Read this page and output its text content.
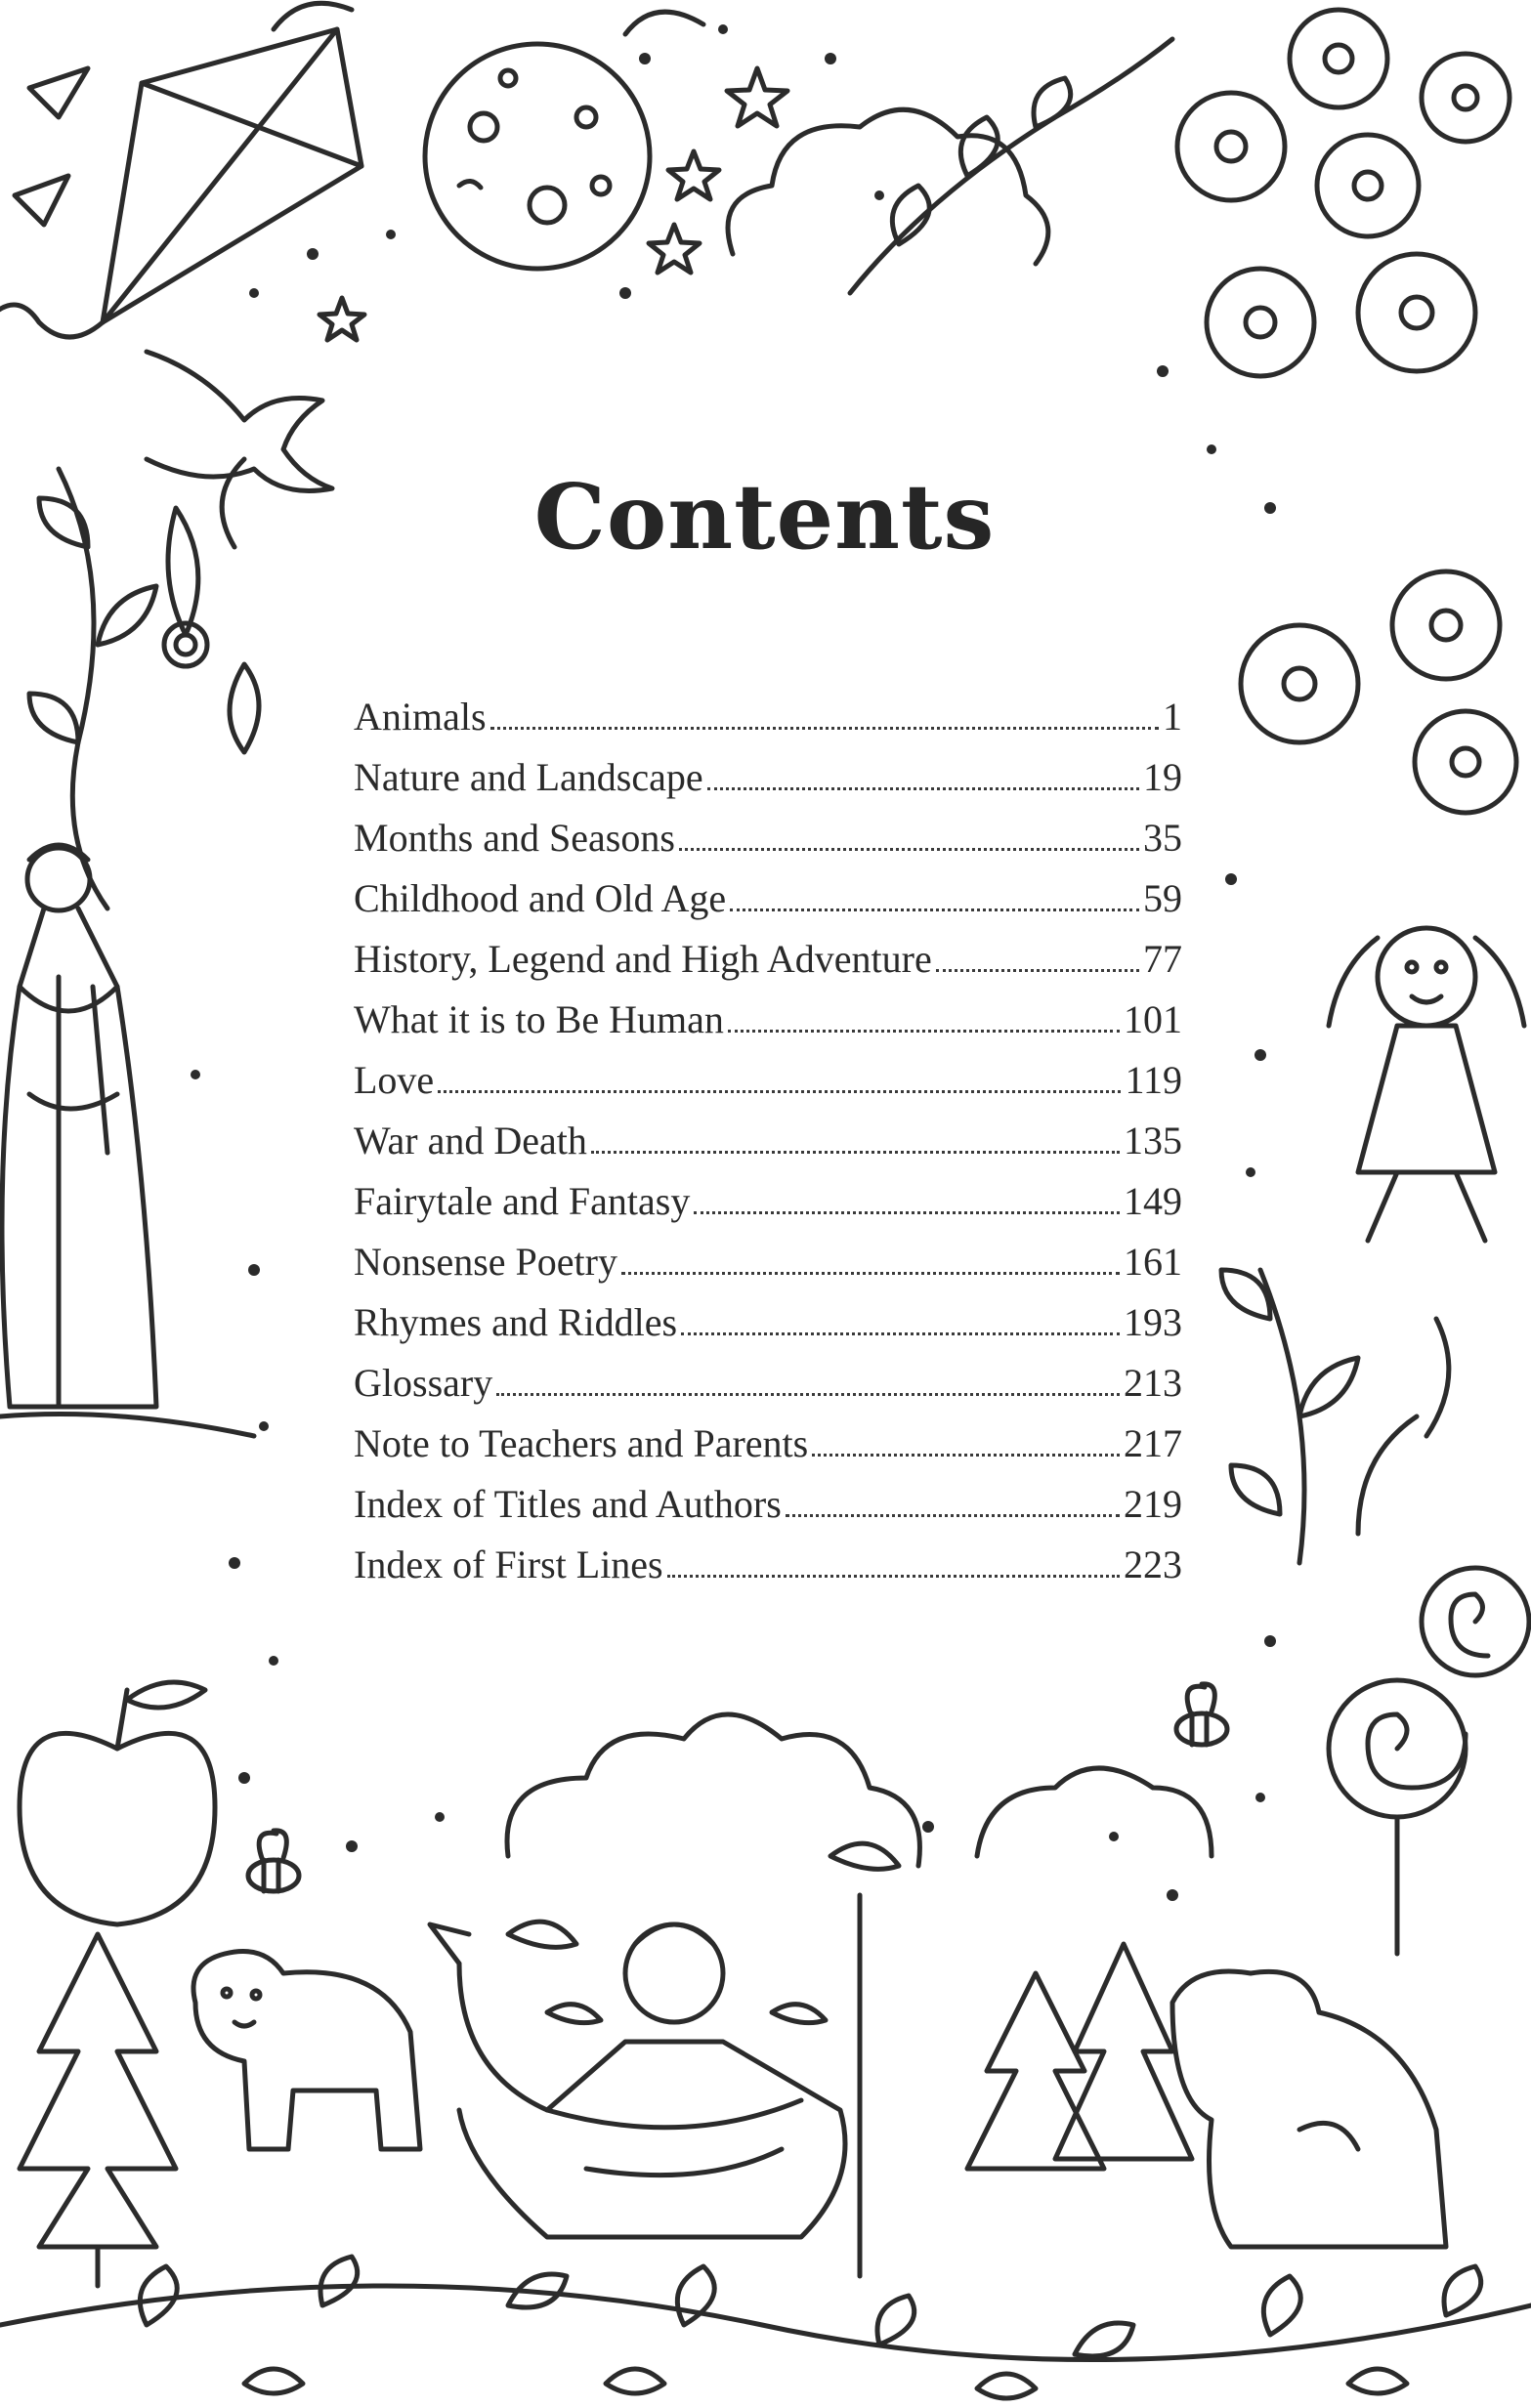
Contents
Animals	1
Nature and Landscape	19
Months and Seasons	35
Childhood and Old Age	59
History, Legend and High Adventure	77
What it is to Be Human	101
Love	119
War and Death	135
Fairytale and Fantasy	149
Nonsense Poetry	161
Rhymes and Riddles	193
Glossary	213
Note to Teachers and Parents	217
Index of Titles and Authors	219
Index of First Lines	223
